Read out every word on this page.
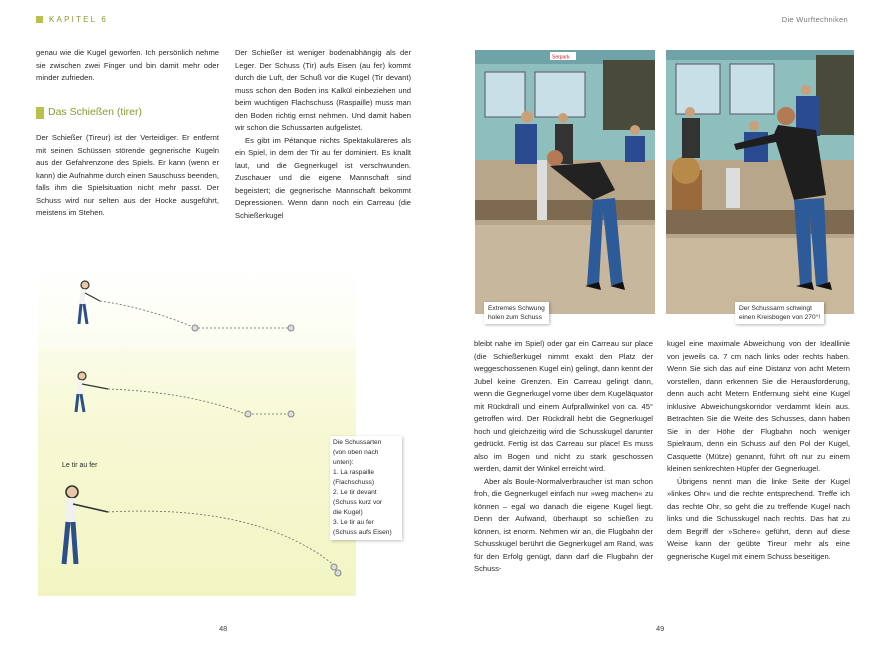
KAPITEL 6

genau wie die Kugel geworfen. Ich persönlich nehme sie zwischen zwei Finger und bin damit mehr oder minder zufrieden.

Das Schießen (tirer)

Der Schießer (Tireur) ist der Verteidiger. Er entfernt mit seinen Schüssen störende gegnerische Kugeln aus der Gefahrenzone des Spiels. Er kann (wenn er kann) die Aufnahme durch einen Sauschuss beenden, falls ihm die Spielsituation nicht mehr passt. Der Schuss wird nur selten aus der Hocke ausgeführt, meistens im Stehen.

Der Schießer ist weniger bodenabhängig als der Leger. Der Schuss (Tir) aufs Eisen (au fer) kommt durch die Luft, der Schuß vor die Kugel (Tir devant) muss schon den Boden ins Kalkül einbeziehen und beim wuchtigen Flachschuss (Raspaille) muss man den Boden richtig ernst nehmen. Und damit haben wir schon die Schussarten aufgelistet.

Es gibt im Pétanque nichts Spektakuläreres als ein Spiel, in dem der Tir au fer dominiert. Es knallt laut, und die Gegnerkugel ist verschwunden. Zuschauer und die eigene Mannschaft sind begeistert; die gegnerische Mannschaft bekommt Depressionen. Wenn dann noch ein Carreau (die Schießerkugel

Le tir au fer
Die Schussarten
(von oben nach
unten):
1. La raspaille
(Flachschuss)
2. Le tir devant
(Schuss kurz vor
die Kugel)
3. Le tir au fer
(Schuss aufs Eisen)
48
Die Wurftechniken
Serpark
Extremes Schwung
holen zum Schuss
Der Schussarm schwingt
einen Kreisbogen von 270°!

bleibt nahe im Spiel) oder gar ein Carreau sur place (die Schießerkugel nimmt exakt den Platz der weggeschossenen Kugel ein) gelingt, dann kennt der Jubel keine Grenzen. Ein Carreau gelingt dann, wenn die Gegnerkugel vorne über dem Kugeläquator mit Rückdrall und einem Aufprallwinkel von ca. 45° getroffen wird. Der Rückdrall hebt die Gegnerkugel hoch und gleichzeitig wird die Schusskugel darunter gedrückt. Fertig ist das Carreau sur place! Es muss also im Bogen und nicht zu stark geschossen werden, damit der Winkel erreicht wird.

Aber als Boule-Normalverbraucher ist man schon froh, die Gegnerkugel einfach nur »weg machen« zu können – egal wo danach die eigene Kugel liegt. Denn der Aufwand, überhaupt so schießen zu können, ist enorm. Nehmen wir an, die Flugbahn der Schusskugel berührt die Gegnerkugel am Rand, was für den Erfolg genügt, dann darf die Flugbahn der Schuss-

kugel eine maximale Abweichung von der Ideallinie von jeweils ca. 7 cm nach links oder rechts haben. Wenn Sie sich das auf eine Distanz von acht Metern vorstellen, dann erkennen Sie die Herausforderung, denn auch acht Metern Entfernung sieht eine Kugel inklusive Abweichungskorridor verdammt klein aus. Betrachten Sie die Weite des Schusses, dann haben Sie in der Höhe der Flugbahn noch weniger Spielraum, denn ein Schuss auf den Pol der Kugel, Casquette (Mütze) genannt, führt oft nur zu einem kleinen senkrechten Hüpfer der Gegnerkugel.

Übrigens nennt man die linke Seite der Kugel »linkes Ohr« und die rechte entsprechend. Treffe ich das rechte Ohr, so geht die zu treffende Kugel nach links und die Schusskugel nach rechts. Das hat zu dem Begriff der »Schere« geführt, denn auf diese Weise kann der geübte Tireur mehr als eine gegnerische Kugel mit einem Schuss beseitigen.

49
